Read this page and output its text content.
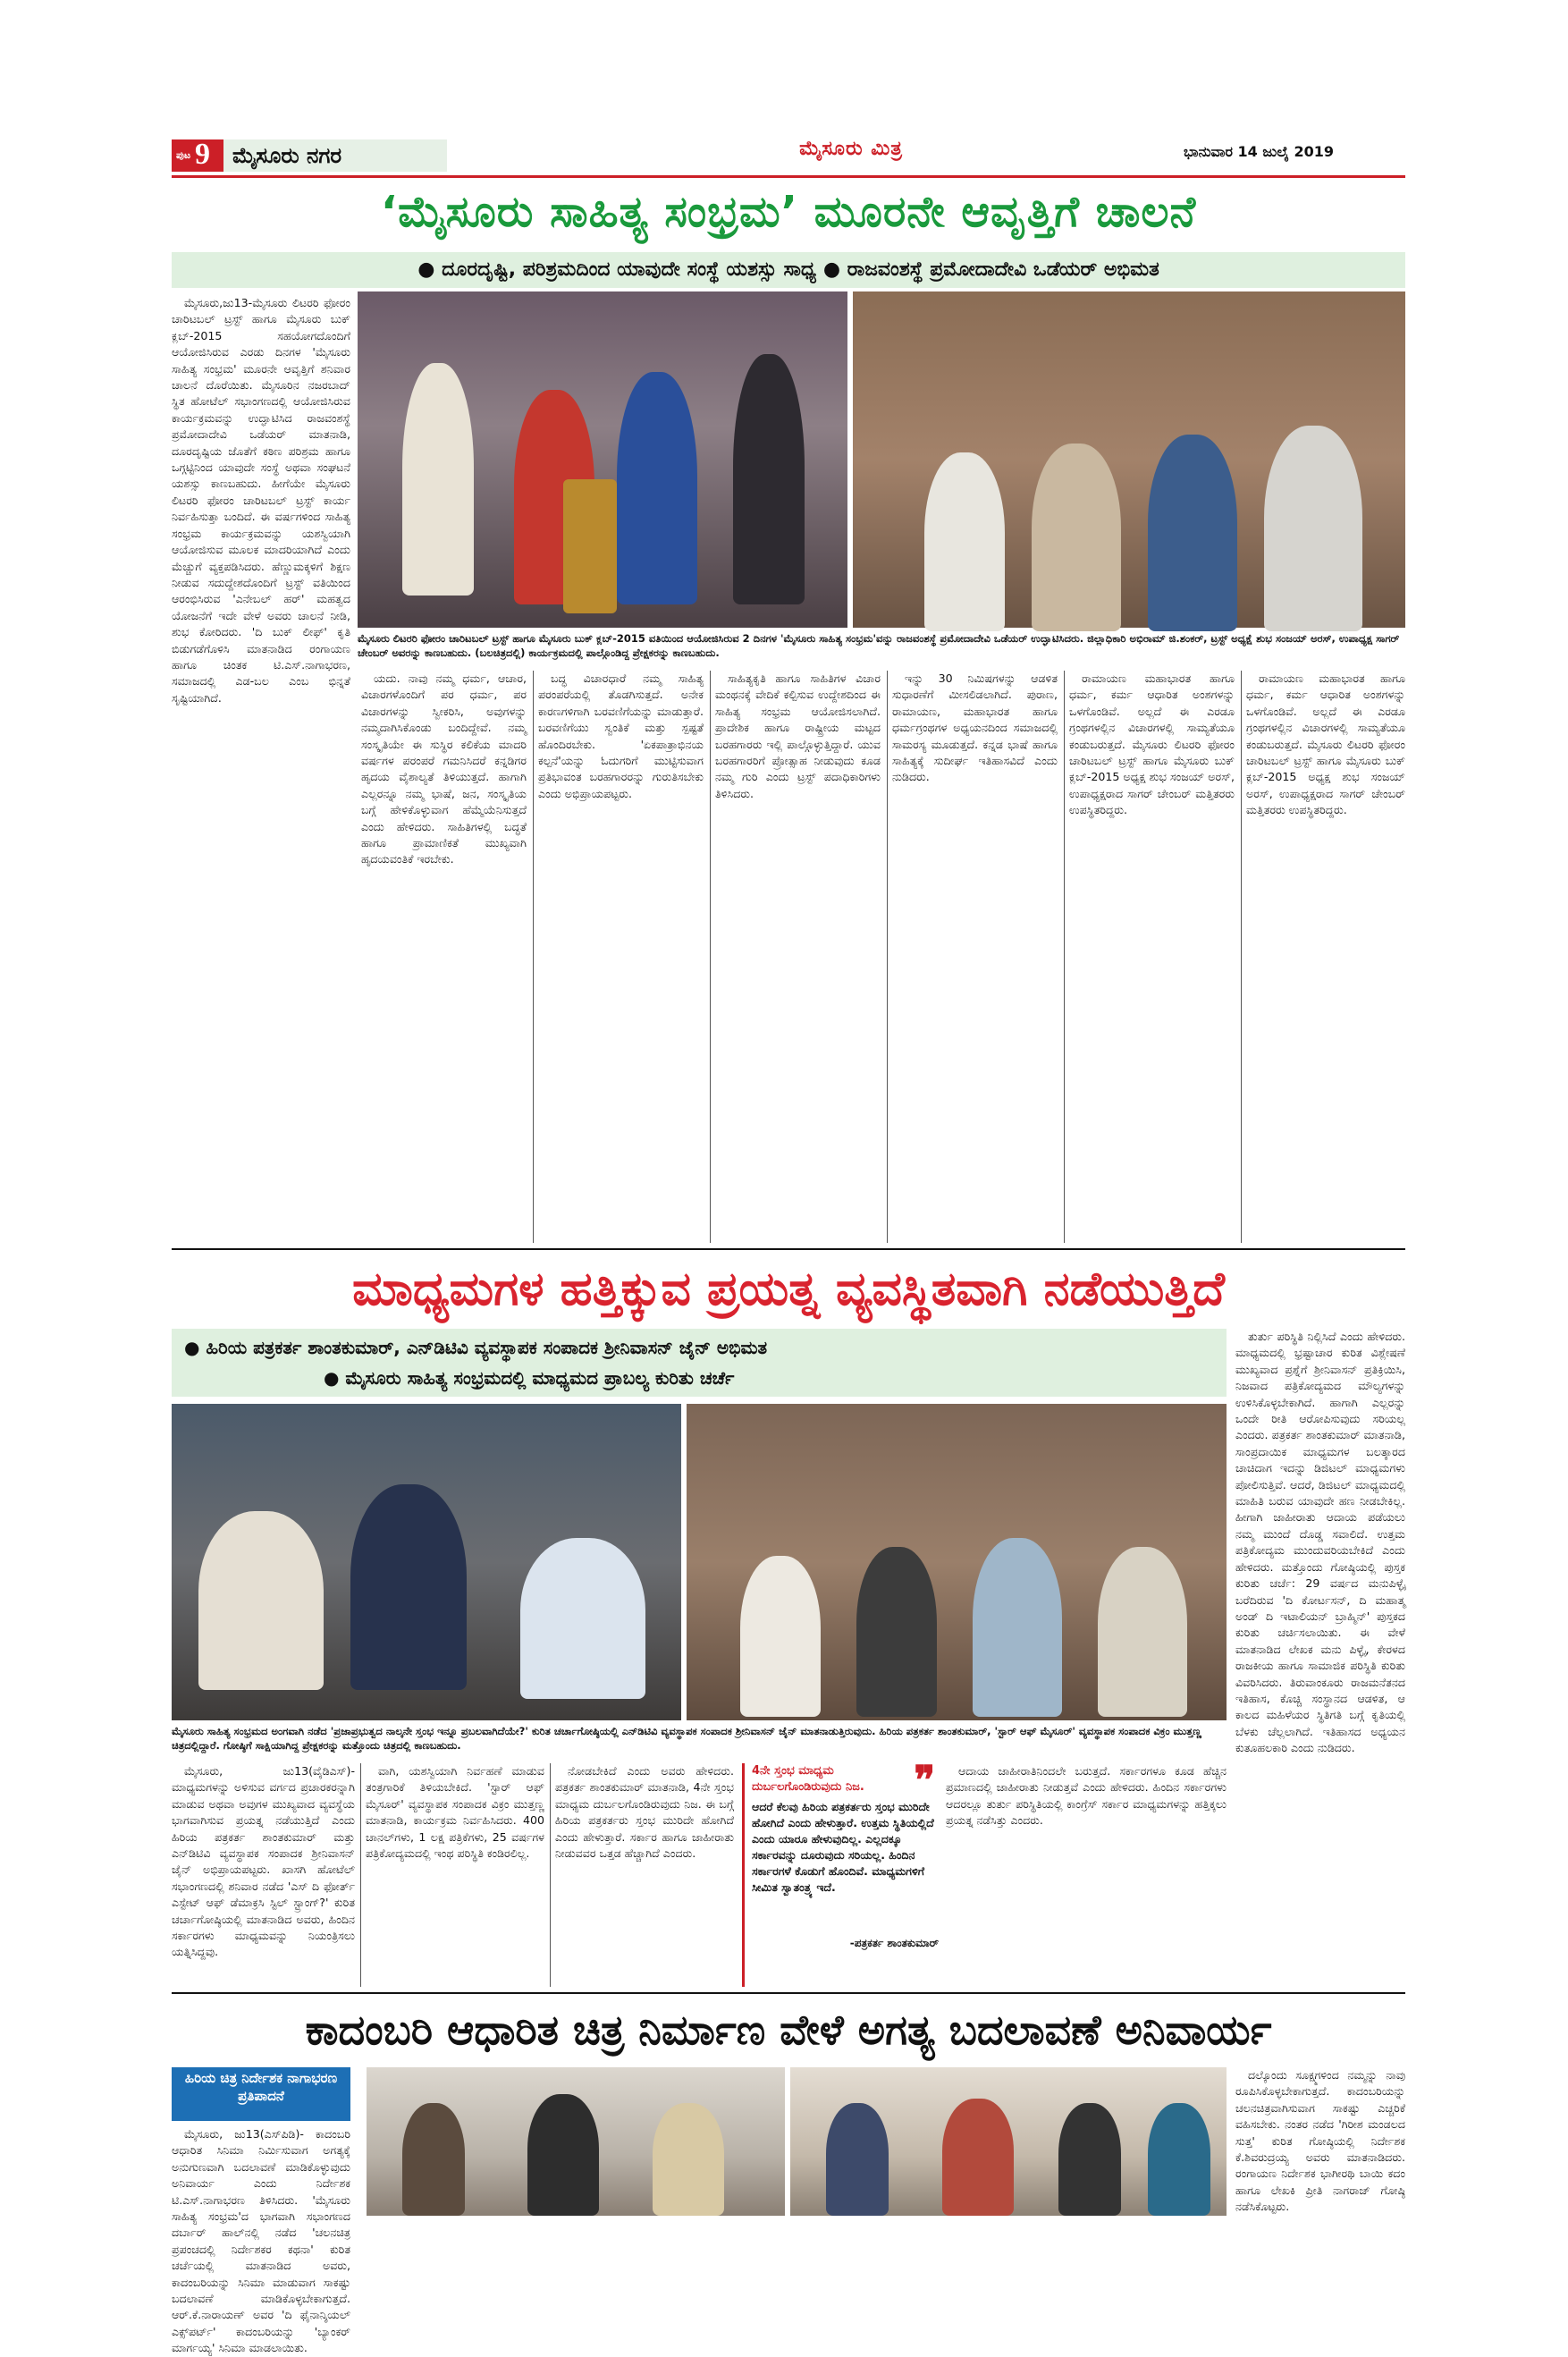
ಪುಟ 9 ಮೈಸೂರು ನಗರ	ಮೈಸೂರು ಮಿತ್ರ	ಭಾನುವಾರ 14 ಜುಲೈ 2019
‘ಮೈಸೂರು ಸಾಹಿತ್ಯ ಸಂಭ್ರಮ’ ಮೂರನೇ ಆವೃತ್ತಿಗೆ ಚಾಲನೆ
● ದೂರದೃಷ್ಟಿ, ಪರಿಶ್ರಮದಿಂದ ಯಾವುದೇ ಸಂಸ್ಥೆ ಯಶಸ್ಸು ಸಾಧ್ಯ ● ರಾಜವಂಶಸ್ಥೆ ಪ್ರಮೋದಾದೇವಿ ಒಡೆಯರ್ ಅಭಿಮತ

ಮೈಸೂರು,ಜು13-ಮೈಸೂರು ಲಿಟರರಿ ಫೋರಂ ಚಾರಿಟಬಲ್ ಟ್ರಸ್ಟ್ ಹಾಗೂ ಮೈಸೂರು ಬುಕ್ ಕ್ಲಬ್-2015 ಸಹಯೋಗದೊಂದಿಗೆ ಆಯೋಜಿಸಿರುವ ಎರಡು ದಿನಗಳ 'ಮೈಸೂರು ಸಾಹಿತ್ಯ ಸಂಭ್ರಮ' ಮೂರನೇ ಆವೃತ್ತಿಗೆ ಶನಿವಾರ ಚಾಲನೆ ದೊರೆಯಿತು. ಮೈಸೂರಿನ ನಜರಬಾದ್ ಸ್ಥಿತ ಹೋಟೆಲ್ ಸಭಾಂಗಣದಲ್ಲಿ ಆಯೋಜಿಸಿರುವ ಕಾರ್ಯಕ್ರಮವನ್ನು ಉದ್ಘಾಟಿಸಿದ ರಾಜವಂಶಸ್ಥೆ ಪ್ರಮೋದಾದೇವಿ ಒಡೆಯರ್ ಮಾತನಾಡಿ, ದೂರದೃಷ್ಟಿಯ ಜೊತೆಗೆ ಕಠಿಣ ಪರಿಶ್ರಮ ಹಾಗೂ ಒಗ್ಗಟ್ಟಿನಿಂದ ಯಾವುದೇ ಸಂಸ್ಥೆ ಅಥವಾ ಸಂಘಟನೆ ಯಶಸ್ಸು ಕಾಣಬಹುದು. ಹೀಗೆಯೇ ಮೈಸೂರು ಲಿಟರರಿ ಫೋರಂ ಚಾರಿಟಬಲ್ ಟ್ರಸ್ಟ್ ಕಾರ್ಯ ನಿರ್ವಹಿಸುತ್ತಾ ಬಂದಿದೆ. ಈ ವರ್ಷಗಳಿಂದ ಸಾಹಿತ್ಯ ಸಂಭ್ರಮ ಕಾರ್ಯಕ್ರಮವನ್ನು ಯಶಸ್ವಿಯಾಗಿ ಆಯೋಜಿಸುವ ಮೂಲಕ ಮಾದರಿಯಾಗಿದೆ ಎಂದು ಮೆಚ್ಚುಗೆ ವ್ಯಕ್ತಪಡಿಸಿದರು. ಹೆಣ್ಣುಮಕ್ಕಳಿಗೆ ಶಿಕ್ಷಣ ನೀಡುವ ಸದುದ್ದೇಶದೊಂದಿಗೆ ಟ್ರಸ್ಟ್ ವತಿಯಿಂದ ಆರಂಭಿಸಿರುವ 'ಎನೇಬಲ್ ಹರ್' ಮಹತ್ವದ ಯೋಜನೆಗೆ ಇದೇ ವೇಳೆ ಅವರು ಚಾಲನೆ ನೀಡಿ, ಶುಭ ಕೋರಿದರು. 'ದಿ ಬುಕ್ ಲೀಫ್' ಕೃತಿ ಬಿಡುಗಡೆಗೊಳಿಸಿ ಮಾತನಾಡಿದ ರಂಗಾಯಣ ಹಾಗೂ ಚಿಂತಕ ಟಿ.ಎಸ್.ನಾಗಾಭರಣ, ಸಮಾಜದಲ್ಲಿ ಎಡ-ಬಲ ಎಂಬ ಭಿನ್ನತೆ ಸೃಷ್ಟಿಯಾಗಿದೆ.

ಮೈಸೂರು ಲಿಟರರಿ ಫೋರಂ ಚಾರಿಟಬಲ್ ಟ್ರಸ್ಟ್ ಹಾಗೂ ಮೈಸೂರು ಬುಕ್ ಕ್ಲಬ್-2015 ವತಿಯಿಂದ ಆಯೋಜಿಸಿರುವ 2 ದಿನಗಳ 'ಮೈಸೂರು ಸಾಹಿತ್ಯ ಸಂಭ್ರಮ'ವನ್ನು ರಾಜವಂಶಸ್ಥೆ ಪ್ರಮೋದಾದೇವಿ ಒಡೆಯರ್ ಉದ್ಘಾಟಿಸಿದರು. ಜಿಲ್ಲಾಧಿಕಾರಿ ಅಭಿರಾಮ್ ಜಿ.ಶಂಕರ್, ಟ್ರಸ್ಟ್ ಅಧ್ಯಕ್ಷೆ ಶುಭ ಸಂಜಯ್ ಅರಸ್, ಉಪಾಧ್ಯಕ್ಷ ಸಾಗರ್ ಚೇಂಬರ್ ಅವರನ್ನು ಕಾಣಬಹುದು. (ಬಲಚಿತ್ರದಲ್ಲಿ) ಕಾರ್ಯಕ್ರಮದಲ್ಲಿ ಪಾಲ್ಗೊಂಡಿದ್ದ ಪ್ರೇಕ್ಷಕರನ್ನು ಕಾಣಬಹುದು.

ಯದು. ನಾವು ನಮ್ಮ ಧರ್ಮ, ಆಚಾರ, ವಿಚಾರಗಳೊಂದಿಗೆ ಪರ ಧರ್ಮ, ಪರ ವಿಚಾರಗಳನ್ನು ಸ್ವೀಕರಿಸಿ, ಅವುಗಳನ್ನು ನಮ್ಮದಾಗಿಸಿಕೊಂಡು ಬಂದಿದ್ದೇವೆ. ನಮ್ಮ ಸಂಸ್ಕೃತಿಯೇ ಈ ಸುಸ್ಥಿರ ಕಲಿಕೆಯ ಮಾದರಿ ವರ್ಷಗಳ ಪರಂಪರೆ ಗಮನಿಸಿದರೆ ಕನ್ನಡಿಗರ ಹೃದಯ ವೈಶಾಲ್ಯತೆ ತಿಳಿಯುತ್ತದೆ. ಹಾಗಾಗಿ ಎಲ್ಲರನ್ನೂ ನಮ್ಮ ಭಾಷೆ, ಜನ, ಸಂಸ್ಕೃತಿಯ ಬಗ್ಗೆ ಹೇಳಿಕೊಳ್ಳುವಾಗ ಹೆಮ್ಮೆಯೆನಿಸುತ್ತದೆ ಎಂದು ಹೇಳಿದರು. ಸಾಹಿತಿಗಳಲ್ಲಿ ಬದ್ಧತೆ ಹಾಗೂ ಪ್ರಾಮಾಣಿಕತೆ ಮುಖ್ಯವಾಗಿ ಹೃದಯವಂತಿಕೆ ಇರಬೇಕು.

ಬದ್ಧ ವಿಚಾರಧಾರೆ ನಮ್ಮ ಸಾಹಿತ್ಯ ಪರಂಪರೆಯಲ್ಲಿ ತೊಡಗಿಸುತ್ತದೆ. ಅನೇಕ ಕಾರಣಗಳಿಗಾಗಿ ಬರವಣಿಗೆಯನ್ನು ಮಾಡುತ್ತಾರೆ. ಬರವಣಿಗೆಯು ಸ್ವಂತಿಕೆ ಮತ್ತು ಸ್ಪಷ್ಟತೆ ಹೊಂದಿರಬೇಕು. 'ಏಕಪಾತ್ರಾಭಿನಯ ಕಲ್ಪನೆ'ಯನ್ನು ಓದುಗರಿಗೆ ಮುಟ್ಟಿಸುವಾಗ ಪ್ರತಿಭಾವಂತ ಬರಹಗಾರರನ್ನು ಗುರುತಿಸಬೇಕು ಎಂದು ಅಭಿಪ್ರಾಯಪಟ್ಟರು.

ಸಾಹಿತ್ಯಕೃತಿ ಹಾಗೂ ಸಾಹಿತಿಗಳ ವಿಚಾರ ಮಂಥನಕ್ಕೆ ವೇದಿಕೆ ಕಲ್ಪಿಸುವ ಉದ್ದೇಶದಿಂದ ಈ ಸಾಹಿತ್ಯ ಸಂಭ್ರಮ ಆಯೋಜಿಸಲಾಗಿದೆ. ಪ್ರಾದೇಶಿಕ ಹಾಗೂ ರಾಷ್ಟ್ರೀಯ ಮಟ್ಟದ ಬರಹಗಾರರು ಇಲ್ಲಿ ಪಾಲ್ಗೊಳ್ಳುತ್ತಿದ್ದಾರೆ. ಯುವ ಬರಹಗಾರರಿಗೆ ಪ್ರೋತ್ಸಾಹ ನೀಡುವುದು ಕೂಡ ನಮ್ಮ ಗುರಿ ಎಂದು ಟ್ರಸ್ಟ್ ಪದಾಧಿಕಾರಿಗಳು ತಿಳಿಸಿದರು.

ಇನ್ನು 30 ನಿಮಿಷಗಳನ್ನು ಆಡಳಿತ ಸುಧಾರಣೆಗೆ ಮೀಸಲಿಡಲಾಗಿದೆ. ಪುರಾಣ, ರಾಮಾಯಣ, ಮಹಾಭಾರತ ಹಾಗೂ ಧರ್ಮಗ್ರಂಥಗಳ ಅಧ್ಯಯನದಿಂದ ಸಮಾಜದಲ್ಲಿ ಸಾಮರಸ್ಯ ಮೂಡುತ್ತದೆ. ಕನ್ನಡ ಭಾಷೆ ಹಾಗೂ ಸಾಹಿತ್ಯಕ್ಕೆ ಸುದೀರ್ಘ ಇತಿಹಾಸವಿದೆ ಎಂದು ನುಡಿದರು.

ರಾಮಾಯಣ ಮಹಾಭಾರತ ಹಾಗೂ ಧರ್ಮ, ಕರ್ಮ ಆಧಾರಿತ ಅಂಶಗಳನ್ನು ಒಳಗೊಂಡಿವೆ. ಅಲ್ಲದೆ ಈ ಎರಡೂ ಗ್ರಂಥಗಳಲ್ಲಿನ ವಿಚಾರಗಳಲ್ಲಿ ಸಾಮ್ಯತೆಯೂ ಕಂಡುಬರುತ್ತದೆ. ಮೈಸೂರು ಲಿಟರರಿ ಫೋರಂ ಚಾರಿಟಬಲ್ ಟ್ರಸ್ಟ್ ಹಾಗೂ ಮೈಸೂರು ಬುಕ್ ಕ್ಲಬ್-2015 ಅಧ್ಯಕ್ಷ ಶುಭ ಸಂಜಯ್ ಅರಸ್, ಉಪಾಧ್ಯಕ್ಷರಾದ ಸಾಗರ್ ಚೇಂಬರ್ ಮತ್ತಿತರರು ಉಪಸ್ಥಿತರಿದ್ದರು.

ರಾಮಾಯಣ ಮಹಾಭಾರತ ಹಾಗೂ ಧರ್ಮ, ಕರ್ಮ ಆಧಾರಿತ ಅಂಶಗಳನ್ನು ಒಳಗೊಂಡಿವೆ. ಅಲ್ಲದೆ ಈ ಎರಡೂ ಗ್ರಂಥಗಳಲ್ಲಿನ ವಿಚಾರಗಳಲ್ಲಿ ಸಾಮ್ಯತೆಯೂ ಕಂಡುಬರುತ್ತದೆ. ಮೈಸೂರು ಲಿಟರರಿ ಫೋರಂ ಚಾರಿಟಬಲ್ ಟ್ರಸ್ಟ್ ಹಾಗೂ ಮೈಸೂರು ಬುಕ್ ಕ್ಲಬ್-2015 ಅಧ್ಯಕ್ಷ ಶುಭ ಸಂಜಯ್ ಅರಸ್, ಉಪಾಧ್ಯಕ್ಷರಾದ ಸಾಗರ್ ಚೇಂಬರ್ ಮತ್ತಿತರರು ಉಪಸ್ಥಿತರಿದ್ದರು.

ಮಾಧ್ಯಮಗಳ ಹತ್ತಿಕ್ಕುವ ಪ್ರಯತ್ನ ವ್ಯವಸ್ಥಿತವಾಗಿ ನಡೆಯುತ್ತಿದೆ
● ಹಿರಿಯ ಪತ್ರಕರ್ತ ಶಾಂತಕುಮಾರ್, ಎನ್‌ಡಿಟಿವಿ ವ್ಯವಸ್ಥಾಪಕ ಸಂಪಾದಕ ಶ್ರೀನಿವಾಸನ್ ಜೈನ್ ಅಭಿಮತ
● ಮೈಸೂರು ಸಾಹಿತ್ಯ ಸಂಭ್ರಮದಲ್ಲಿ ಮಾಧ್ಯಮದ ಪ್ರಾಬಲ್ಯ ಕುರಿತು ಚರ್ಚೆ

ತುರ್ತು ಪರಿಸ್ಥಿತಿ ನಿಲ್ಲಿಸಿದೆ ಎಂದು ಹೇಳಿದರು. ಮಾಧ್ಯಮದಲ್ಲಿ ಭ್ರಷ್ಟಾಚಾರ ಕುರಿತ ವಿಶ್ಲೇಷಣೆ ಮುಖ್ಯವಾದ ಪ್ರಶ್ನೆಗೆ ಶ್ರೀನಿವಾಸನ್ ಪ್ರತಿಕ್ರಿಯಿಸಿ, ನಿಜವಾದ ಪತ್ರಿಕೋದ್ಯಮದ ಮೌಲ್ಯಗಳನ್ನು ಉಳಿಸಿಕೊಳ್ಳಬೇಕಾಗಿದೆ. ಹಾಗಾಗಿ ಎಲ್ಲರನ್ನು ಒಂದೇ ರೀತಿ ಆರೋಪಿಸುವುದು ಸರಿಯಲ್ಲ ಎಂದರು. ಪತ್ರಕರ್ತ ಶಾಂತಕುಮಾರ್ ಮಾತನಾಡಿ, ಸಾಂಪ್ರದಾಯಿಕ ಮಾಧ್ಯಮಗಳ ಬಲತ್ಕಾರದ ಚಾಚಿದಾಗ ಇದನ್ನು ಡಿಜಿಟಲ್ ಮಾಧ್ಯಮಗಳು ಪೋಲಿಸುತ್ತಿವೆ. ಆದರೆ, ಡಿಜಿಟಲ್ ಮಾಧ್ಯಮದಲ್ಲಿ ಮಾಹಿತಿ ಬರುವ ಯಾವುದೇ ಹಣ ನೀಡಬೇಕಿಲ್ಲ. ಹೀಗಾಗಿ ಜಾಹೀರಾತು ಆದಾಯ ಪಡೆಯಲು ನಮ್ಮ ಮುಂದೆ ದೊಡ್ಡ ಸವಾಲಿದೆ. ಉತ್ತಮ ಪತ್ರಿಕೋದ್ಯಮ ಮುಂದುವರಿಯಬೇಕಿದೆ ಎಂದು ಹೇಳಿದರು. ಮತ್ತೊಂದು ಗೋಷ್ಠಿಯಲ್ಲಿ ಪುಸ್ತಕ ಕುರಿತು ಚರ್ಚೆ: 29 ವರ್ಷದ ಮನುಪಿಳ್ಳೈ ಬರೆದಿರುವ 'ದಿ ಕೋರ್ಟಸನ್, ದಿ ಮಹಾತ್ಮ ಅಂಡ್ ದಿ ಇಟಾಲಿಯನ್ ಬ್ರಾಹ್ಮಿನ್' ಪುಸ್ತಕದ ಕುರಿತು ಚರ್ಚಿಸಲಾಯಿತು. ಈ ವೇಳೆ ಮಾತನಾಡಿದ ಲೇಖಕ ಮನು ಪಿಳ್ಳೈ, ಕೇರಳದ ರಾಜಕೀಯ ಹಾಗೂ ಸಾಮಾಜಿಕ ಪರಿಸ್ಥಿತಿ ಕುರಿತು ವಿವರಿಸಿದರು. ತಿರುವಾಂಕೂರು ರಾಜಮನೆತನದ ಇತಿಹಾಸ, ಕೊಚ್ಚಿ ಸಂಸ್ಥಾನದ ಆಡಳಿತ, ಆ ಕಾಲದ ಮಹಿಳೆಯರ ಸ್ಥಿತಿಗತಿ ಬಗ್ಗೆ ಕೃತಿಯಲ್ಲಿ ಬೆಳಕು ಚೆಲ್ಲಲಾಗಿದೆ. ಇತಿಹಾಸದ ಅಧ್ಯಯನ ಕುತೂಹಲಕಾರಿ ಎಂದು ನುಡಿದರು.

ಮೈಸೂರು ಸಾಹಿತ್ಯ ಸಂಭ್ರಮದ ಅಂಗವಾಗಿ ನಡೆದ 'ಪ್ರಜಾಪ್ರಭುತ್ವದ ನಾಲ್ಕನೇ ಸ್ತಂಭ ಇನ್ನೂ ಪ್ರಬಲವಾಗಿದೆಯೇ?' ಕುರಿತ ಚರ್ಚಾಗೋಷ್ಠಿಯಲ್ಲಿ ಎನ್‌ಡಿಟಿವಿ ವ್ಯವಸ್ಥಾಪಕ ಸಂಪಾದಕ ಶ್ರೀನಿವಾಸನ್ ಜೈನ್ ಮಾತನಾಡುತ್ತಿರುವುದು. ಹಿರಿಯ ಪತ್ರಕರ್ತ ಶಾಂತಕುಮಾರ್, 'ಸ್ಟಾರ್ ಆಫ್ ಮೈಸೂರ್' ವ್ಯವಸ್ಥಾಪಕ ಸಂಪಾದಕ ವಿಕ್ರಂ ಮುತ್ತಣ್ಣ ಚಿತ್ರದಲ್ಲಿದ್ದಾರೆ. ಗೋಷ್ಠಿಗೆ ಸಾಕ್ಷಿಯಾಗಿದ್ದ ಪ್ರೇಕ್ಷಕರನ್ನು ಮತ್ತೊಂದು ಚಿತ್ರದಲ್ಲಿ ಕಾಣಬಹುದು.

ಮೈಸೂರು, ಜು13(ವೈಡಿಎಸ್)-ಮಾಧ್ಯಮಗಳನ್ನು ಅಳಿಸುವ ವರ್ಗದ ಪ್ರಚಾರಕರನ್ನಾಗಿ ಮಾಡುವ ಅಥವಾ ಅವುಗಳ ಮುಖ್ಯವಾದ ವ್ಯವಸ್ಥೆಯ ಭಾಗವಾಗಿಸುವ ಪ್ರಯತ್ನ ನಡೆಯುತ್ತಿದೆ ಎಂದು ಹಿರಿಯ ಪತ್ರಕರ್ತ ಶಾಂತಕುಮಾರ್ ಮತ್ತು ಎನ್‌ಡಿಟಿವಿ ವ್ಯವಸ್ಥಾಪಕ ಸಂಪಾದಕ ಶ್ರೀನಿವಾಸನ್ ಜೈನ್ ಅಭಿಪ್ರಾಯಪಟ್ಟರು. ಖಾಸಗಿ ಹೋಟೆಲ್ ಸಭಾಂಗಣದಲ್ಲಿ ಶನಿವಾರ ನಡೆದ 'ಎಸ್ ದಿ ಫೋರ್ತ್ ಎಸ್ಟೇಟ್ ಆಫ್ ಡೆಮಾಕ್ರಸಿ ಸ್ಟಿಲ್ ಸ್ಟ್ರಾಂಗ್?' ಕುರಿತ ಚರ್ಚಾಗೋಷ್ಠಿಯಲ್ಲಿ ಮಾತನಾಡಿದ ಅವರು, ಹಿಂದಿನ ಸರ್ಕಾರಗಳು ಮಾಧ್ಯಮವನ್ನು ನಿಯಂತ್ರಿಸಲು ಯತ್ನಿಸಿದ್ದವು.

ವಾಗಿ, ಯಶಸ್ವಿಯಾಗಿ ನಿರ್ವಹಣೆ ಮಾಡುವ ತಂತ್ರಗಾರಿಕೆ ತಿಳಿಯಬೇಕಿದೆ. 'ಸ್ಟಾರ್ ಆಫ್ ಮೈಸೂರ್' ವ್ಯವಸ್ಥಾಪಕ ಸಂಪಾದಕ ವಿಕ್ರಂ ಮುತ್ತಣ್ಣ ಮಾತನಾಡಿ, ಕಾರ್ಯಕ್ರಮ ನಿರ್ವಹಿಸಿದರು. 400 ಚಾನಲ್‌ಗಳು, 1 ಲಕ್ಷ ಪತ್ರಿಕೆಗಳು, 25 ವರ್ಷಗಳ ಪತ್ರಿಕೋದ್ಯಮದಲ್ಲಿ ಇಂಥ ಪರಿಸ್ಥಿತಿ ಕಂಡಿರಲಿಲ್ಲ.

ನೋಡಬೇಕಿದೆ ಎಂದು ಅವರು ಹೇಳಿದರು. ಪತ್ರಕರ್ತ ಶಾಂತಕುಮಾರ್ ಮಾತನಾಡಿ, 4ನೇ ಸ್ತಂಭ ಮಾಧ್ಯಮ ದುರ್ಬಲಗೊಂಡಿರುವುದು ನಿಜ. ಈ ಬಗ್ಗೆ ಹಿರಿಯ ಪತ್ರಕರ್ತರು ಸ್ತಂಭ ಮುರಿದೇ ಹೋಗಿದೆ ಎಂದು ಹೇಳುತ್ತಾರೆ. ಸರ್ಕಾರ ಹಾಗೂ ಜಾಹೀರಾತು ನೀಡುವವರ ಒತ್ತಡ ಹೆಚ್ಚಾಗಿದೆ ಎಂದರು.

❞
4ನೇ ಸ್ತಂಭ ಮಾಧ್ಯಮ ದುರ್ಬಲಗೊಂಡಿರುವುದು ನಿಜ.
ಆದರೆ ಕೆಲವು ಹಿರಿಯ ಪತ್ರಕರ್ತರು ಸ್ತಂಭ ಮುರಿದೇ ಹೋಗಿದೆ ಎಂದು ಹೇಳುತ್ತಾರೆ. ಉತ್ತಮ ಸ್ಥಿತಿಯಲ್ಲಿದೆ ಎಂದು ಯಾರೂ ಹೇಳುವುದಿಲ್ಲ. ಎಲ್ಲದಕ್ಕೂ ಸರ್ಕಾರವನ್ನು ದೂರುವುದು ಸರಿಯಲ್ಲ. ಹಿಂದಿನ ಸರ್ಕಾರಗಳೆ ಕೊಡುಗೆ ಹೊಂದಿವೆ. ಮಾಧ್ಯಮಗಳಿಗೆ ಸೀಮಿತ ಸ್ವಾತಂತ್ರ್ಯ ಇದೆ.
-ಪತ್ರಕರ್ತ ಶಾಂತಕುಮಾರ್

ಆದಾಯ ಜಾಹೀರಾತಿನಿಂದಲೇ ಬರುತ್ತದೆ. ಸರ್ಕಾರಗಳೂ ಕೂಡ ಹೆಚ್ಚಿನ ಪ್ರಮಾಣದಲ್ಲಿ ಜಾಹೀರಾತು ನೀಡುತ್ತವೆ ಎಂದು ಹೇಳಿದರು. ಹಿಂದಿನ ಸರ್ಕಾರಗಳು ಆದರಲ್ಲೂ ತುರ್ತು ಪರಿಸ್ಥಿತಿಯಲ್ಲಿ ಕಾಂಗ್ರೆಸ್ ಸರ್ಕಾರ ಮಾಧ್ಯಮಗಳನ್ನು ಹತ್ತಿಕ್ಕಲು ಪ್ರಯತ್ನ ನಡೆಸಿತ್ತು ಎಂದರು.

ಕಾದಂಬರಿ ಆಧಾರಿತ ಚಿತ್ರ ನಿರ್ಮಾಣ ವೇಳೆ ಅಗತ್ಯ ಬದಲಾವಣೆ ಅನಿವಾರ್ಯ
ಹಿರಿಯ ಚಿತ್ರ ನಿರ್ದೇಶಕ ನಾಗಾಭರಣ ಪ್ರತಿಪಾದನೆ

ಮೈಸೂರು, ಜು13(ಎಸ್‌ಪಿಡಿ)- ಕಾದಂಬರಿ ಆಧಾರಿತ ಸಿನಿಮಾ ನಿರ್ಮಿಸುವಾಗ ಅಗತ್ಯಕ್ಕೆ ಅನುಗುಣವಾಗಿ ಬದಲಾವಣೆ ಮಾಡಿಕೊಳ್ಳುವುದು ಅನಿವಾರ್ಯ ಎಂದು ನಿರ್ದೇಶಕ ಟಿ.ಎಸ್.ನಾಗಾಭರಣ ತಿಳಿಸಿದರು. 'ಮೈಸೂರು ಸಾಹಿತ್ಯ ಸಂಭ್ರಮ'ದ ಭಾಗವಾಗಿ ಸಭಾಂಗಣದ ದರ್ಬಾರ್ ಹಾಲ್‌ನಲ್ಲಿ ನಡೆದ 'ಚಲನಚಿತ್ರ ಪ್ರಪಂಚದಲ್ಲಿ ನಿರ್ದೇಶಕರ ಕಥನಾ' ಕುರಿತ ಚರ್ಚೆಯಲ್ಲಿ ಮಾತನಾಡಿದ ಅವರು, ಕಾದಂಬರಿಯನ್ನು ಸಿನಿಮಾ ಮಾಡುವಾಗ ಸಾಕಷ್ಟು ಬದಲಾವಣೆ ಮಾಡಿಕೊಳ್ಳಬೇಕಾಗುತ್ತದೆ. ಆರ್.ಕೆ.ನಾರಾಯಣ್ ಅವರ 'ದಿ ಫೈನಾನ್ಶಿಯಲ್ ಎಕ್ಸ್‌ಪರ್ಟ್' ಕಾದಂಬರಿಯನ್ನು 'ಬ್ಯಾಂಕರ್ ಮಾರ್ಗಯ್ಯ' ಸಿನಿಮಾ ಮಾಡಲಾಯಿತು.

ದಲ್ಕೊಂದು ಸೂಕ್ಷ್ಮಗಳಿಂದ ನಮ್ಮನ್ನು ನಾವು ರೂಪಿಸಿಕೊಳ್ಳಬೇಕಾಗುತ್ತದೆ. ಕಾದಂಬರಿಯನ್ನು ಚಲನಚಿತ್ರವಾಗಿಸುವಾಗ ಸಾಕಷ್ಟು ಎಚ್ಚರಿಕೆ ವಹಿಸಬೇಕು. ನಂತರ ನಡೆದ 'ಗಿರೀಶ ಮಂಡಲದ ಸುತ್ತ' ಕುರಿತ ಗೋಷ್ಠಿಯಲ್ಲಿ ನಿರ್ದೇಶಕ ಕೆ.ಶಿವರುದ್ರಯ್ಯ ಅವರು ಮಾತನಾಡಿದರು. ರಂಗಾಯಣ ನಿರ್ದೇಶಕ ಭಾಗೀರಥಿ ಬಾಯಿ ಕದಂ ಹಾಗೂ ಲೇಖಕಿ ಪ್ರೀತಿ ನಾಗರಾಜ್ ಗೋಷ್ಠಿ ನಡೆಸಿಕೊಟ್ಟರು.
